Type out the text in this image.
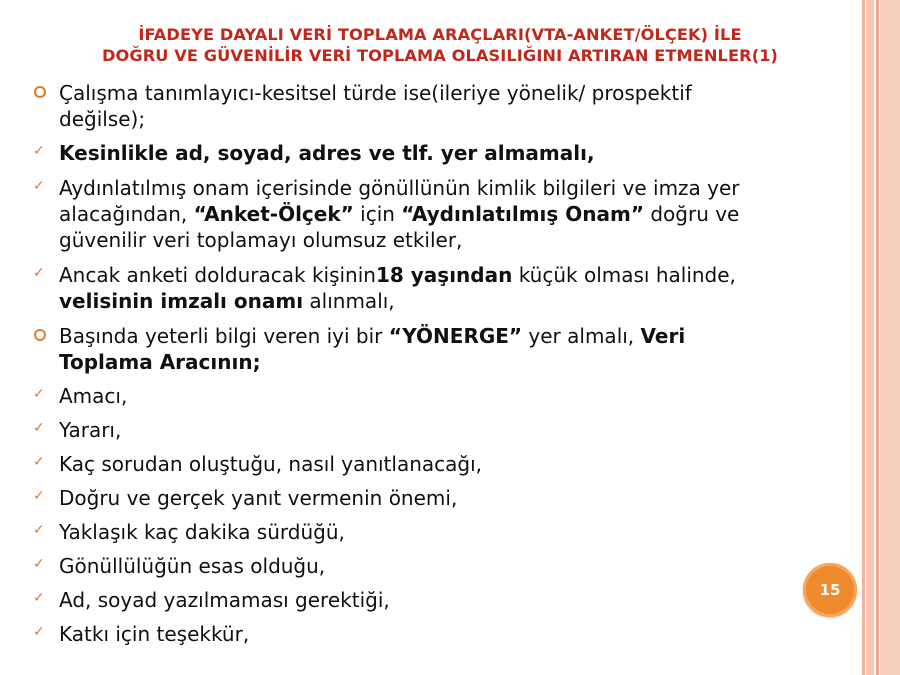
İFADEYE DAYALI VERİ TOPLAMA ARAÇLARI(VTA-ANKET/ÖLÇEK) İLE
DOĞRU VE GÜVENİLİR VERİ TOPLAMA OLASILIĞINI ARTIRAN ETMENLER(1)
Çalışma tanımlayıcı-kesitsel türde ise(ileriye yönelik/ prospektif
değilse);
✓ Kesinlikle ad, soyad, adres ve tlf. yer almamalı,
✓ Aydınlatılmış onam içerisinde gönüllünün kimlik bilgileri ve imza yer
alacağından, “Anket-Ölçek” için “Aydınlatılmış Onam” doğru ve
güvenilir veri toplamayı olumsuz etkiler,
✓ Ancak anketi dolduracak kişinin18 yaşından küçük olması halinde,
velisinin imzalı onamı alınmalı,
Başında yeterli bilgi veren iyi bir “YÖNERGE” yer almalı, Veri
Toplama Aracının;
✓ Amacı,
✓ Yararı,
✓ Kaç sorudan oluştuğu, nasıl yanıtlanacağı,
✓ Doğru ve gerçek yanıt vermenin önemi,
✓ Yaklaşık kaç dakika sürdüğü,
✓ Gönüllülüğün esas olduğu,
✓ Ad, soyad yazılmaması gerektiği,
✓ Katkı için teşekkür,
15
